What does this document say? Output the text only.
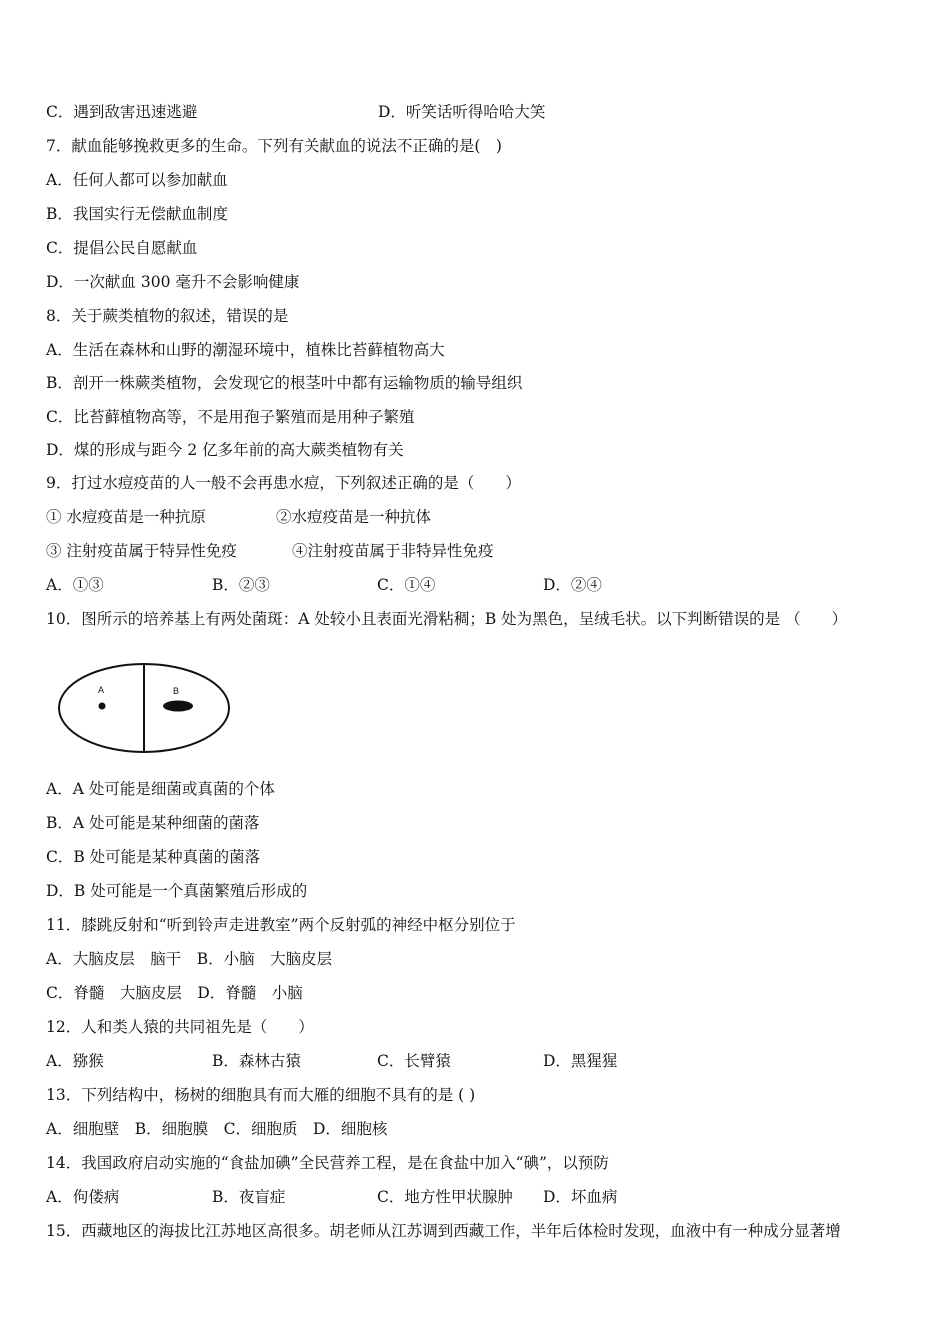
C．遇到敌害迅速逃避	D．听笑话听得哈哈大笑
7．献血能够挽救更多的生命。下列有关献血的说法不正确的是(　)
A．任何人都可以参加献血
B．我国实行无偿献血制度
C．提倡公民自愿献血
D．一次献血 300 毫升不会影响健康
8．关于蕨类植物的叙述，错误的是
A．生活在森林和山野的潮湿环境中，植株比苔藓植物高大
B．剖开一株蕨类植物，会发现它的根茎叶中都有运输物质的输导组织
C．比苔藓植物高等，不是用孢子繁殖而是用种子繁殖
D．煤的形成与距今 2 亿多年前的高大蕨类植物有关
9．打过水痘疫苗的人一般不会再患水痘，下列叙述正确的是（　　）
① 水痘疫苗是一种抗原	②水痘疫苗是一种抗体
③ 注射疫苗属于特异性免疫	④注射疫苗属于非特异性免疫
A．①③	B．②③	C．①④	D．②④
10．图所示的培养基上有两处菌斑：A 处较小且表面光滑粘稠；B 处为黑色，呈绒毛状。以下判断错误的是 （　　）
A	B
A．A 处可能是细菌或真菌的个体
B．A 处可能是某种细菌的菌落
C．B 处可能是某种真菌的菌落
D．B 处可能是一个真菌繁殖后形成的
11．膝跳反射和“听到铃声走进教室”两个反射弧的神经中枢分别位于
A．大脑皮层　脑干　B．小脑　大脑皮层
C．脊髓　大脑皮层　D．脊髓　小脑
12．人和类人猿的共同祖先是（　　）
A．猕猴	B．森林古猿	C．长臂猿	D．黑猩猩
13．下列结构中，杨树的细胞具有而大雁的细胞不具有的是 ( )
A．细胞壁　B．细胞膜　C．细胞质　D．细胞核
14．我国政府启动实施的“食盐加碘”全民营养工程，是在食盐中加入“碘”，以预防
A．佝偻病	B．夜盲症	C．地方性甲状腺肿 D．坏血病
15．西藏地区的海拔比江苏地区高很多。胡老师从江苏调到西藏工作，半年后体检时发现，血液中有一种成分显著增
